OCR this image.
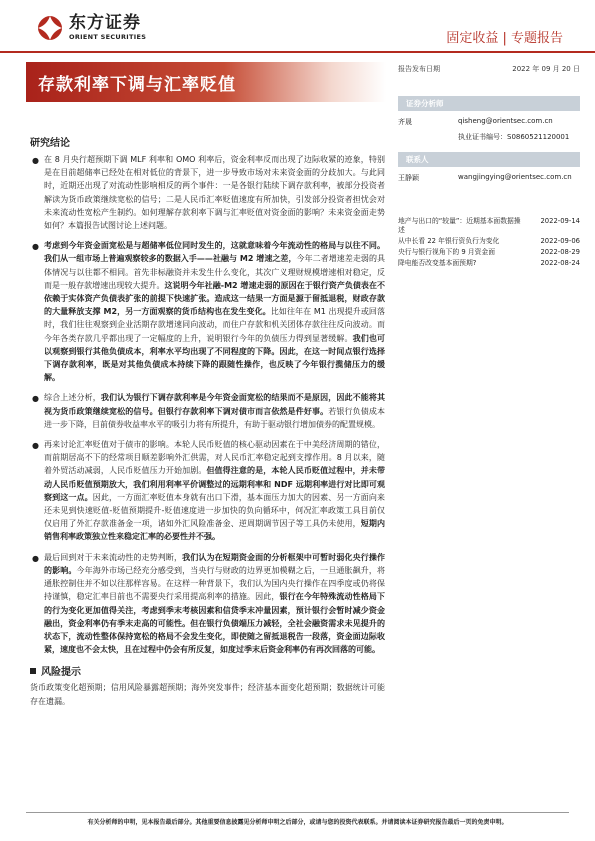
东方证券
ORIENT SECURITIES	固定收益 | 专题报告
存款利率下调与汇率贬值
报告发布日期	2022 年 09 月 20 日
研究结论
● 在 8 月央行超预期下调 MLF 利率和 OMO 利率后，资金利率反而出现了边际收紧的迹象，特别是在目前超储率已经处在相对低位的背景下，进一步导致市场对未来资金面的分歧加大。与此同时，近期还出现了对流动性影响相反的两个事件：一是各银行陆续下调存款利率，被部分投资者解读为货币政策继续宽松的信号；二是人民币汇率贬值速度有所加快，引发部分投资者担忧会对未来流动性宽松产生制约。如何理解存款利率下调与汇率贬值对资金面的影响？未来资金面走势如何？本篇报告试图讨论上述问题。
● 考虑到今年资金面宽松是与超储率低位同时发生的，这就意味着今年流动性的格局与以往不同。我们从一组市场上普遍观察较多的数据入手——社融与 M2 增速之差，今年二者增速差走弱的具体情况与以往都不相同。首先非标融资并未发生什么变化，其次广义理财规模增速相对稳定，反而是一般存款增速出现较大提升。这说明今年社融-M2 增速走弱的原因在于银行资产负债表在不依赖于实体资产负债表扩张的前提下快速扩张。造成这一结果一方面是源于留抵退税，财政存款的大量释放支撑 M2，另一方面观察的货币结构也在发生变化。比如往年在 M1 出现提升或回落时，我们往往观察到企业活期存款增速同向波动，而住户存款和机关团体存款往往反向波动。而今年各类存款几乎都出现了一定幅度的上升，说明银行今年的负债压力得到显著缓解。我们也可以观察到银行其他负债成本，利率水平均出现了不同程度的下降。因此，在这一时间点银行选择下调存款利率，既是对其他负债成本持续下降的跟随性操作，也反映了今年银行揽储压力的缓解。
● 综合上述分析，我们认为银行下调存款利率是今年资金面宽松的结果而不是原因，因此不能将其视为货币政策继续宽松的信号。但银行存款利率下调对债市而言依然是件好事。若银行负债成本进一步下降，目前债券收益率水平的吸引力将有所提升，有助于驱动银行增加债券的配置规模。
● 再来讨论汇率贬值对于债市的影响。本轮人民币贬值的核心驱动因素在于中美经济周期的错位，而前期居高不下的经常项目顺差影响外汇供需，对人民币汇率稳定起到支撑作用。8 月以来，随着外贸活动减弱，人民币贬值压力开始加剧。但值得注意的是，本轮人民币贬值过程中，并未带动人民币贬值预期放大，我们利用利率平价调整过的远期利率和 NDF 远期利率进行对比即可观察到这一点。因此，一方面汇率贬值本身就有出口下滑，基本面压力加大的因素、另一方面向来还未见到快速贬值-贬值预期提升-贬值速度进一步加快的负向循环中，何况汇率政策工具目前仅仅启用了外汇存款准备金一项，诸如外汇风险准备金、逆周期调节因子等工具仍未使用，短期内销售利率政策独立性来稳定汇率的必要性并不强。
● 最后回到对于未来流动性的走势判断，我们认为在短期资金面的分析框架中可暂时弱化央行操作的影响。今年海外市场已经充分感受到，当央行与财政的边界更加模糊之后，一旦通胀飙升，将通胀控制住并不如以往那样容易。在这样一种背景下，我们认为国内央行操作在四季度或仍将保持谨慎，稳定汇率目前也不需要央行采用提高利率的措施。因此，银行在今年特殊流动性格局下的行为变化更加值得关注，考虑到季末考核因素和信贷季末冲量因素，预计银行会暂时减少资金融出，资金利率仍有季末走高的可能性。但在银行负债端压力减轻，全社会融资需求未见提升的状态下，流动性整体保持宽松的格局不会发生变化，即使随之留抵退税告一段落，资金面边际收紧，速度也不会太快，且在过程中仍会有所反复，如度过季末后资金利率仍有再次回落的可能。
风险提示
货币政策变化超预期；信用风险暴露超预期；海外突发事件；经济基本面变化超预期；数据统计可能存在遗漏。
证券分析师
齐晟	qisheng@orientsec.com.cn
执业证书编号：S0860521120001
联系人
王静颖	wangjingying@orientsec.com.cn
地产与出口的“较量”：近期基本面数据操述
2022-09-14
从中长看 22 年银行资负行为变化	2022-09-06
央行与银行视角下的 9 月资金面	2022-08-29
降电能否改变基本面预期?	2022-08-24
有关分析师的申明，见本报告最后部分。其他重要信息披露见分析师申明之后部分，或请与您的投资代表联系。并请阅读本证券研究报告最后一页的免责申明。
